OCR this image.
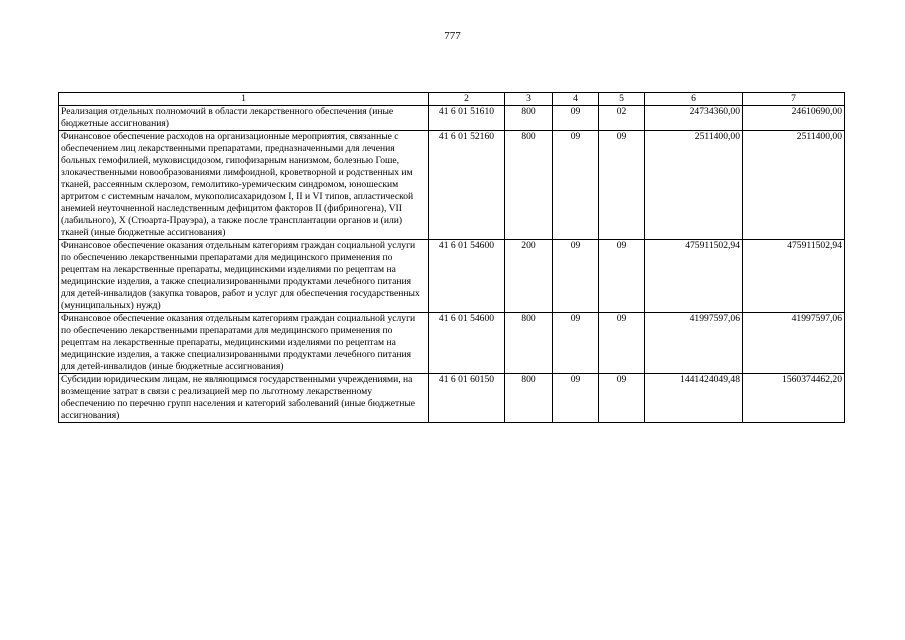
777
1	2	3	4	5	6	7
Реализация отдельных полномочий в области лекарственного обеспечения (иные бюджетные ассигнования)	41 6 01 51610	800	09	02	24734360,00	24610690,00
Финансовое обеспечение расходов на организационные мероприятия, связанные с обеспечением лиц лекарственными препаратами, предназначенными для лечения больных гемофилией, муковисцидозом, гипофизарным нанизмом, болезнью Гоше, злокачественными новообразованиями лимфоидной, кроветворной и родственных им тканей, рассеянным склерозом, гемолитико-уремическим синдромом, юношеским артритом с системным началом, мукополисахаридозом I, II и VI типов, апластической анемией неуточненной наследственным дефицитом факторов II (фибриногена), VII (лабильного), X (Стюарта-Прауэра), а также после трансплантации органов и (или) тканей (иные бюджетные ассигнования)	41 6 01 52160	800	09	09	2511400,00	2511400,00
Финансовое обеспечение оказания отдельным категориям граждан социальной услуги по обеспечению лекарственными препаратами для медицинского применения по рецептам на лекарственные препараты, медицинскими изделиями по рецептам на медицинские изделия, а также специализированными продуктами лечебного питания для детей-инвалидов (закупка товаров, работ и услуг для обеспечения государственных (муниципальных) нужд)	41 6 01 54600	200	09	09	475911502,94	475911502,94
Финансовое обеспечение оказания отдельным категориям граждан социальной услуги по обеспечению лекарственными препаратами для медицинского применения по рецептам на лекарственные препараты, медицинскими изделиями по рецептам на медицинские изделия, а также специализированными продуктами лечебного питания для детей-инвалидов (иные бюджетные ассигнования)	41 6 01 54600	800	09	09	41997597,06	41997597,06
Субсидии юридическим лицам, не являющимся государственными учреждениями, на возмещение затрат в связи с реализацией мер по льготному лекарственному обеспечению по перечню групп населения и категорий заболеваний (иные бюджетные ассигнования)	41 6 01 60150	800	09	09	1441424049,48	1560374462,20
